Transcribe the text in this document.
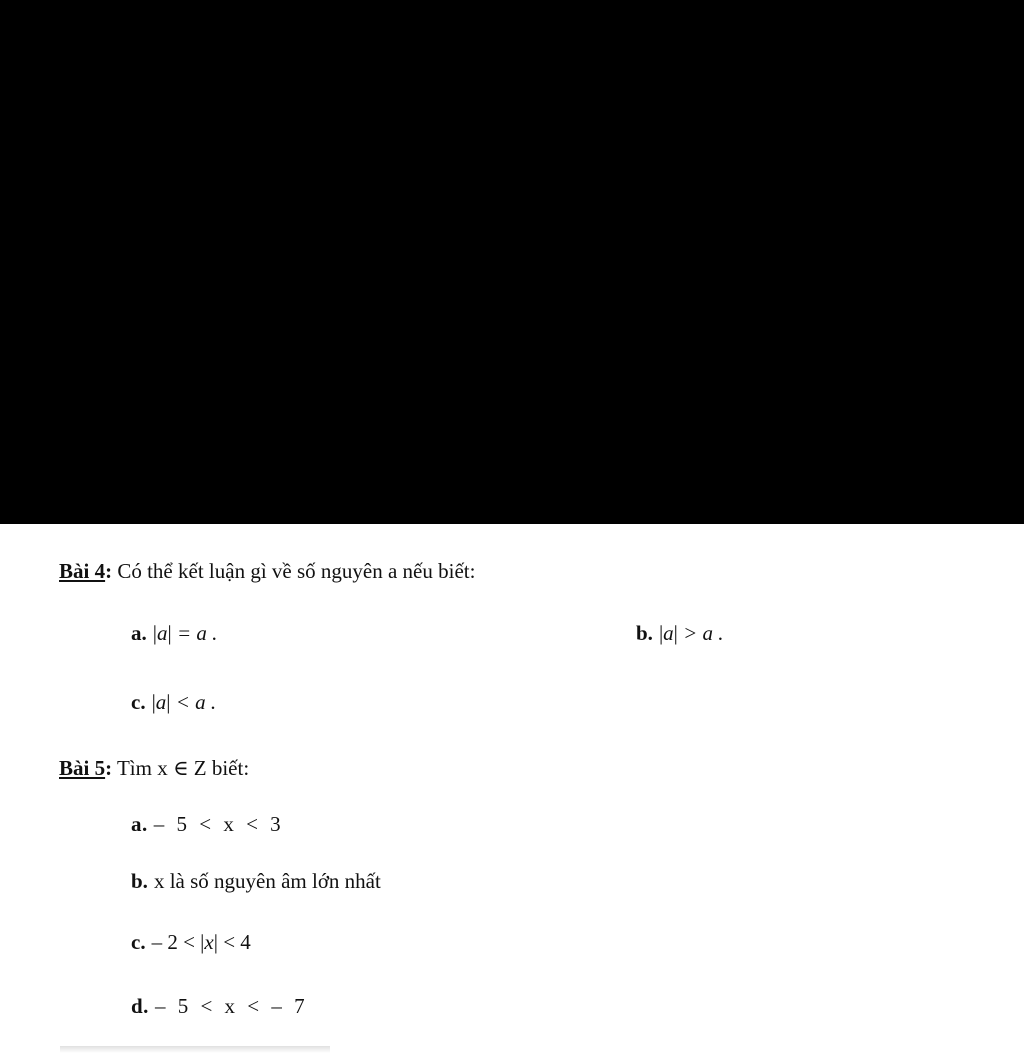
Bài 4: Có thể kết luận gì về số nguyên a nếu biết:
a. |a| = a .	b. |a| > a .
c. |a| < a .
Bài 5: Tìm x ∈ Z biết:
a. – 5 < x < 3
b. x là số nguyên âm lớn nhất
c. – 2 < |x| < 4
d. – 5 < x < – 7
